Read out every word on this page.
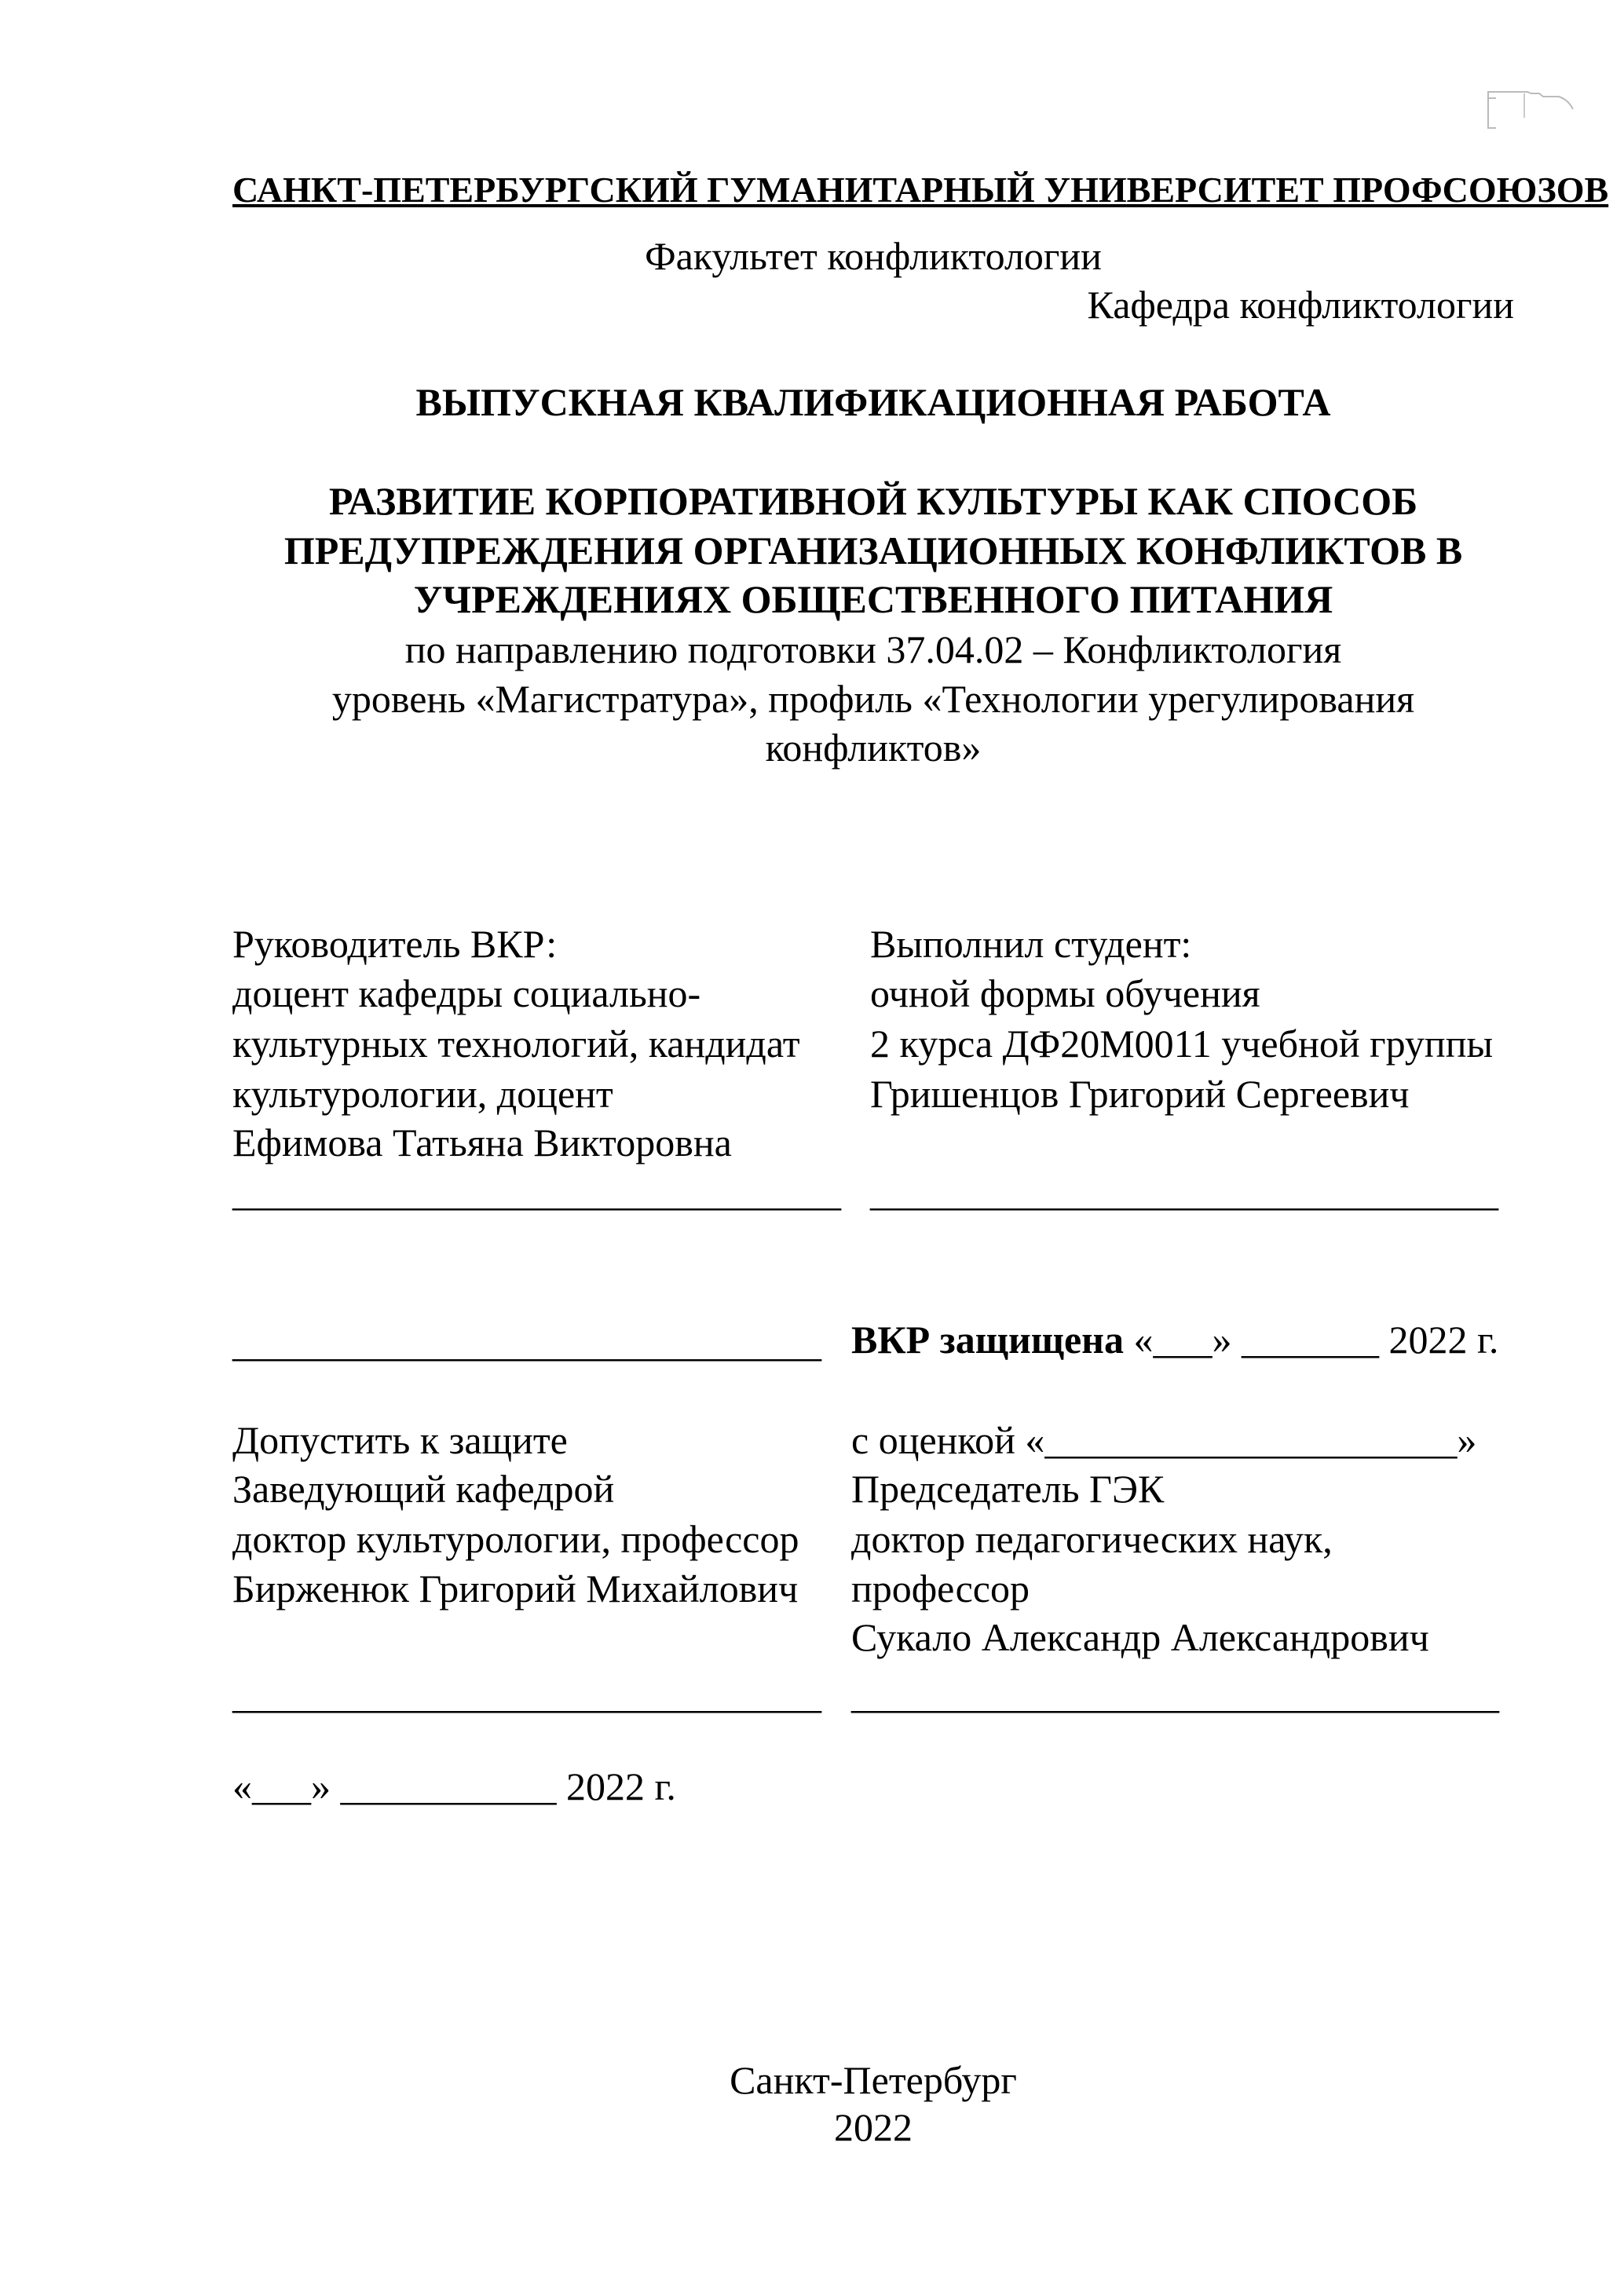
САНКТ-ПЕТЕРБУРГСКИЙ ГУМАНИТАРНЫЙ УНИВЕРСИТЕТ ПРОФСОЮЗОВ
Факультет конфликтологии
Кафедра конфликтологии
ВЫПУСКНАЯ КВАЛИФИКАЦИОННАЯ РАБОТА
РАЗВИТИЕ КОРПОРАТИВНОЙ КУЛЬТУРЫ КАК СПОСОБ
ПРЕДУПРЕЖДЕНИЯ ОРГАНИЗАЦИОННЫХ КОНФЛИКТОВ В
УЧРЕЖДЕНИЯХ ОБЩЕСТВЕННОГО ПИТАНИЯ
по направлению подготовки 37.04.02 – Конфликтология
уровень «Магистратура», профиль «Технологии урегулирования
конфликтов»
Руководитель ВКР:
доцент кафедры социально-
культурных технологий, кандидат
культурологии, доцент
Ефимова Татьяна Викторовна
_______________________________
Выполнил студент:
очной формы обучения
2 курса ДФ20М0011 учебной группы
Гришенцов Григорий Сергеевич
________________________________
______________________________ ВКР защищена «___» _______ 2022 г.
Допустить к защите
Заведующий кафедрой
доктор культурологии, профессор
Бирженюк Григорий Михайлович
______________________________
с оценкой «_____________________»
Председатель ГЭК
доктор педагогических наук,
профессор
Сукало Александр Александрович
_________________________________
«___» ___________ 2022 г.
Санкт-Петербург
2022
